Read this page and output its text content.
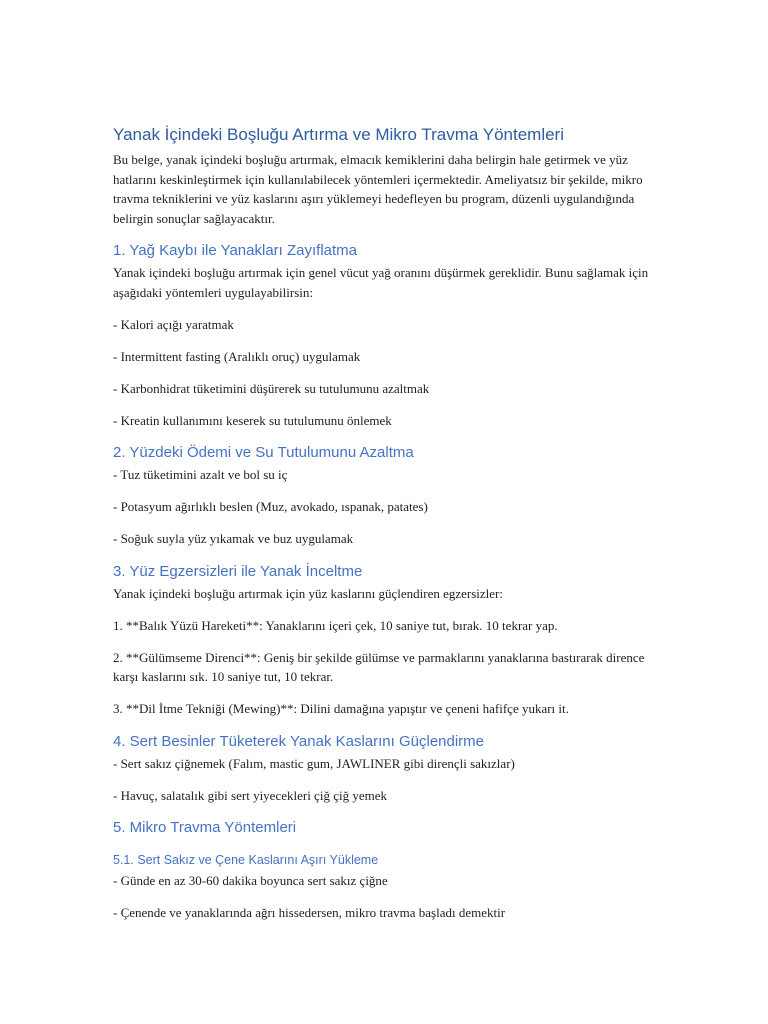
Yanak İçindeki Boşluğu Artırma ve Mikro Travma Yöntemleri

Bu belge, yanak içindeki boşluğu artırmak, elmacık kemiklerini daha belirgin hale getirmek ve yüz hatlarını keskinleştirmek için kullanılabilecek yöntemleri içermektedir. Ameliyatsız bir şekilde, mikro travma tekniklerini ve yüz kaslarını aşırı yüklemeyi hedefleyen bu program, düzenli uygulandığında belirgin sonuçlar sağlayacaktır.

1. Yağ Kaybı ile Yanakları Zayıflatma

Yanak içindeki boşluğu artırmak için genel vücut yağ oranını düşürmek gereklidir. Bunu sağlamak için aşağıdaki yöntemleri uygulayabilirsin:

- Kalori açığı yaratmak

- Intermittent fasting (Aralıklı oruç) uygulamak

- Karbonhidrat tüketimini düşürerek su tutulumunu azaltmak

- Kreatin kullanımını keserek su tutulumunu önlemek

2. Yüzdeki Ödemi ve Su Tutulumunu Azaltma

- Tuz tüketimini azalt ve bol su iç

- Potasyum ağırlıklı beslen (Muz, avokado, ıspanak, patates)

- Soğuk suyla yüz yıkamak ve buz uygulamak

3. Yüz Egzersizleri ile Yanak İnceltme

Yanak içindeki boşluğu artırmak için yüz kaslarını güçlendiren egzersizler:

1. **Balık Yüzü Hareketi**: Yanaklarını içeri çek, 10 saniye tut, bırak. 10 tekrar yap.

2. **Gülümseme Direnci**: Geniş bir şekilde gülümse ve parmaklarını yanaklarına bastırarak dirence karşı kaslarını sık. 10 saniye tut, 10 tekrar.

3. **Dil İtme Tekniği (Mewing)**: Dilini damağına yapıştır ve çeneni hafifçe yukarı it.

4. Sert Besinler Tüketerek Yanak Kaslarını Güçlendirme

- Sert sakız çiğnemek (Falım, mastic gum, JAWLINER gibi dirençli sakızlar)

- Havuç, salatalık gibi sert yiyecekleri çiğ çiğ yemek

5. Mikro Travma Yöntemleri
5.1. Sert Sakız ve Çene Kaslarını Aşırı Yükleme

- Günde en az 30-60 dakika boyunca sert sakız çiğne

- Çenende ve yanaklarında ağrı hissedersen, mikro travma başladı demektir
